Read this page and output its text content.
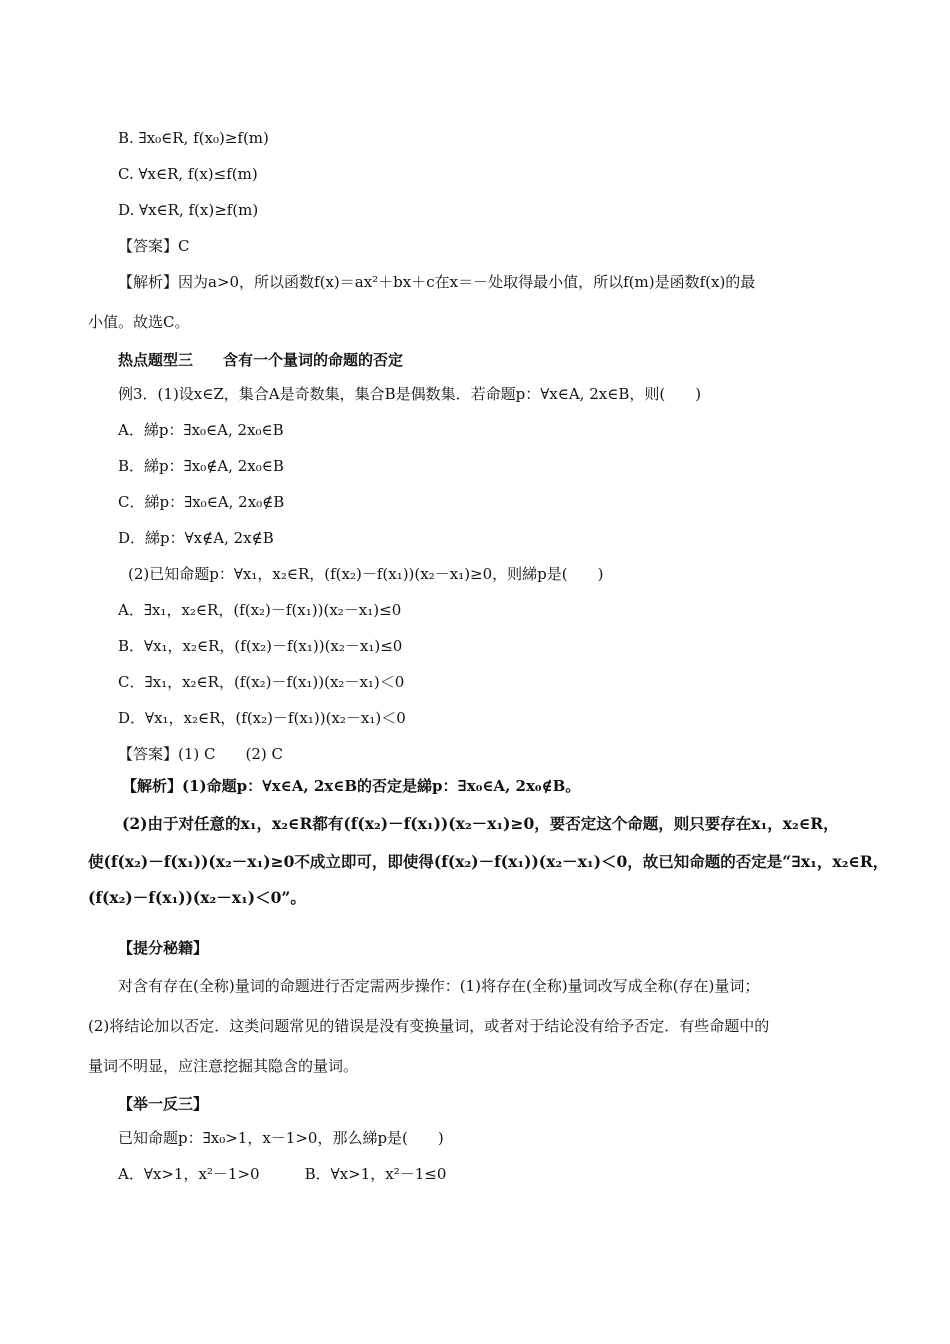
B. ∃x₀∈R, f(x₀)≥f(m)
C. ∀x∈R, f(x)≤f(m)
D. ∀x∈R, f(x)≥f(m)
【答案】C
【解析】因为a>0，所以函数f(x)＝ax²＋bx＋c在x＝－处取得最小值，所以f(m)是函数f(x)的最
小值。故选C。
热点题型三　　含有一个量词的命题的否定
例3．(1)设x∈Z，集合A是奇数集，集合B是偶数集．若命题p：∀x∈A, 2x∈B，则(　　)
A．綈p：∃x₀∈A, 2x₀∈B
B．綈p：∃x₀∉A, 2x₀∈B
C．綈p：∃x₀∈A, 2x₀∉B
D．綈p：∀x∉A, 2x∉B
(2)已知命题p：∀x₁，x₂∈R，(f(x₂)－f(x₁))(x₂－x₁)≥0，则綈p是(　　)
A．∃x₁，x₂∈R，(f(x₂)－f(x₁))(x₂－x₁)≤0
B．∀x₁，x₂∈R，(f(x₂)－f(x₁))(x₂－x₁)≤0
C．∃x₁，x₂∈R，(f(x₂)－f(x₁))(x₂－x₁)＜0
D．∀x₁，x₂∈R，(f(x₂)－f(x₁))(x₂－x₁)＜0
【答案】(1) C　　(2) C
【解析】(1)命题p：∀x∈A, 2x∈B的否定是綈p：∃x₀∈A, 2x₀∉B。
(2)由于对任意的x₁，x₂∈R都有(f(x₂)－f(x₁))(x₂－x₁)≥0，要否定这个命题，则只要存在x₁，x₂∈R，
使(f(x₂)－f(x₁))(x₂－x₁)≥0不成立即可，即使得(f(x₂)－f(x₁))(x₂－x₁)＜0，故已知命题的否定是“∃x₁，x₂∈R，
(f(x₂)－f(x₁))(x₂－x₁)＜0”。
【提分秘籍】
对含有存在(全称)量词的命题进行否定需两步操作：(1)将存在(全称)量词改写成全称(存在)量词；
(2)将结论加以否定．这类问题常见的错误是没有变换量词，或者对于结论没有给予否定．有些命题中的
量词不明显，应注意挖掘其隐含的量词。
【举一反三】
已知命题p：∃x₀>1，x－1>0，那么綈p是(　　)
A．∀x>1，x²－1>0　　　B．∀x>1，x²－1≤0
